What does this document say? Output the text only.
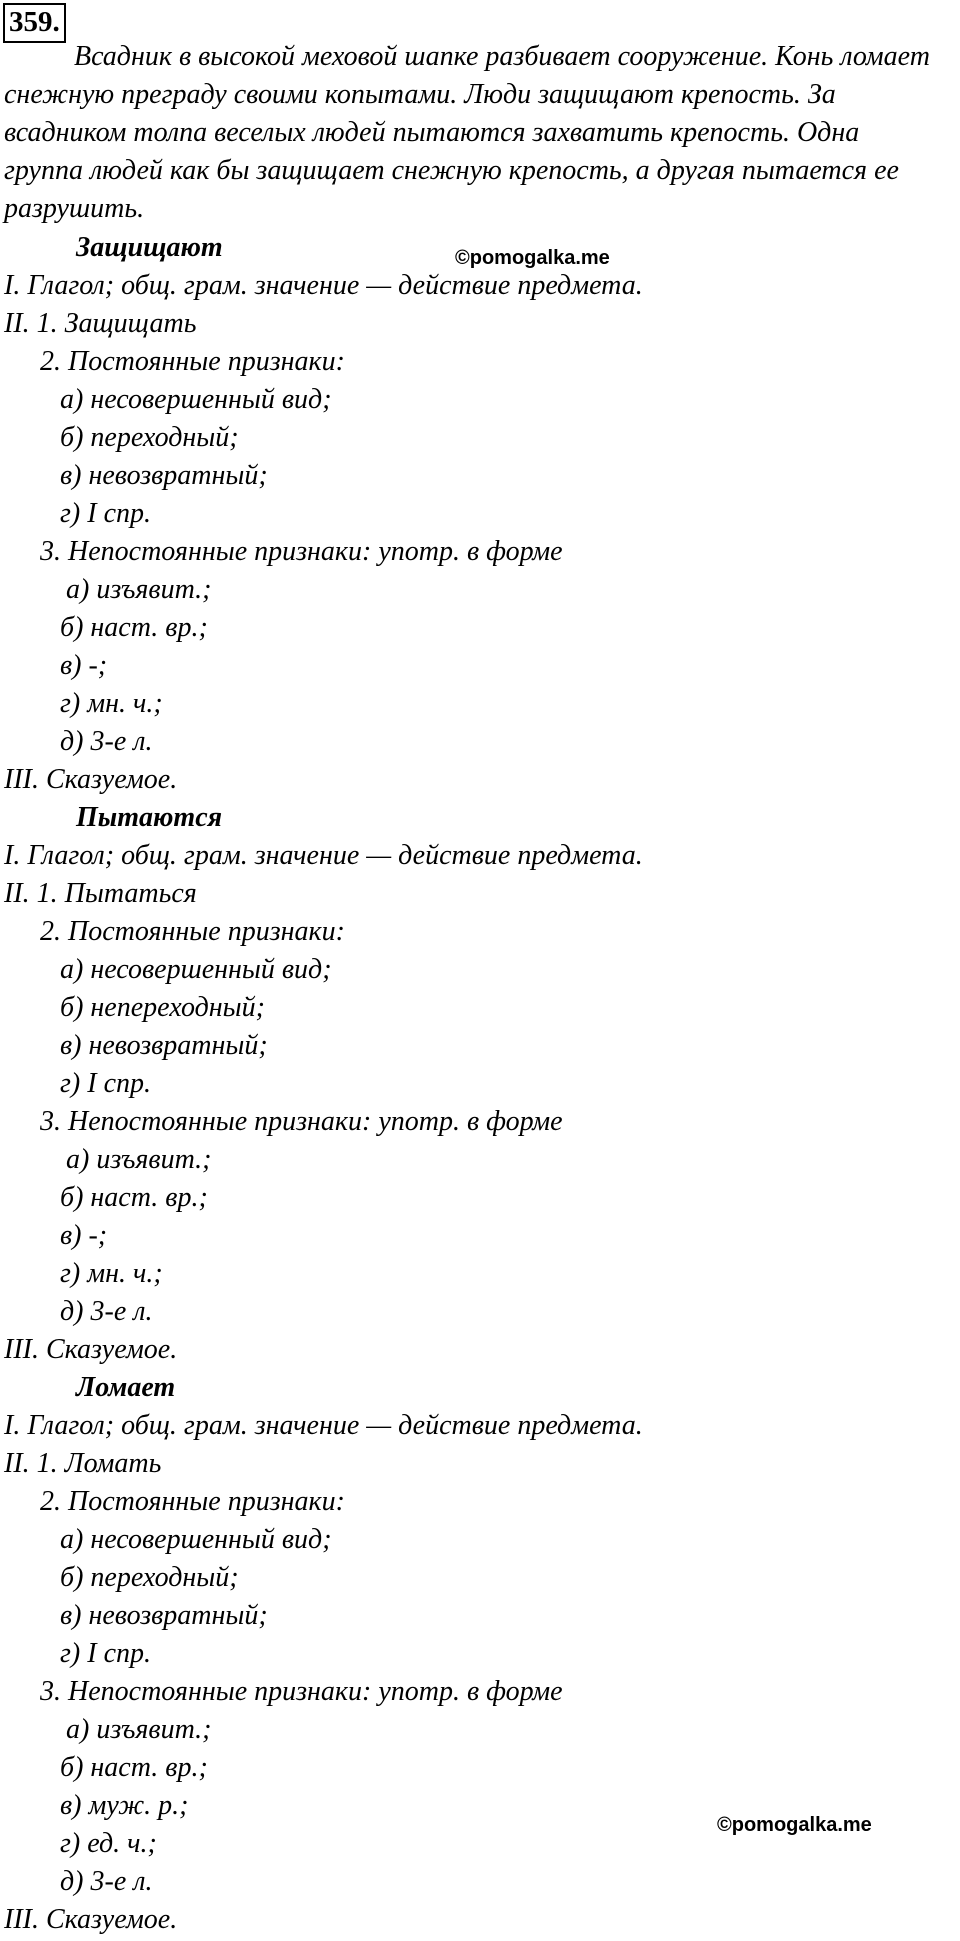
359.
Всадник в высокой меховой шапке разбивает сооружение. Конь ломает
снежную преграду своими копытами. Люди защищают крепость. За
всадником толпа веселых людей пытаются захватить крепость. Одна
группа людей как бы защищает снежную крепость, а другая пытается ее
разрушить.
©pomogalka.me
©pomogalka.me
Защищают
I. Глагол; общ. грам. значение — действие предмета.
II. 1. Защищать
2. Постоянные признаки:
а) несовершенный вид;
б) переходный;
в) невозвратный;
г) I спр.
3. Непостоянные признаки: употр. в форме
а) изъявит.;
б) наст. вр.;
в) -;
г) мн. ч.;
д) 3-е л.
III. Сказуемое.
Пытаются
I. Глагол; общ. грам. значение — действие предмета.
II. 1. Пытаться
2. Постоянные признаки:
а) несовершенный вид;
б) непереходный;
в) невозвратный;
г) I спр.
3. Непостоянные признаки: употр. в форме
а) изъявит.;
б) наст. вр.;
в) -;
г) мн. ч.;
д) 3-е л.
III. Сказуемое.
Ломает
I. Глагол; общ. грам. значение — действие предмета.
II. 1. Ломать
2. Постоянные признаки:
а) несовершенный вид;
б) переходный;
в) невозвратный;
г) I спр.
3. Непостоянные признаки: употр. в форме
а) изъявит.;
б) наст. вр.;
в) муж. р.;
г) ед. ч.;
д) 3-е л.
III. Сказуемое.
